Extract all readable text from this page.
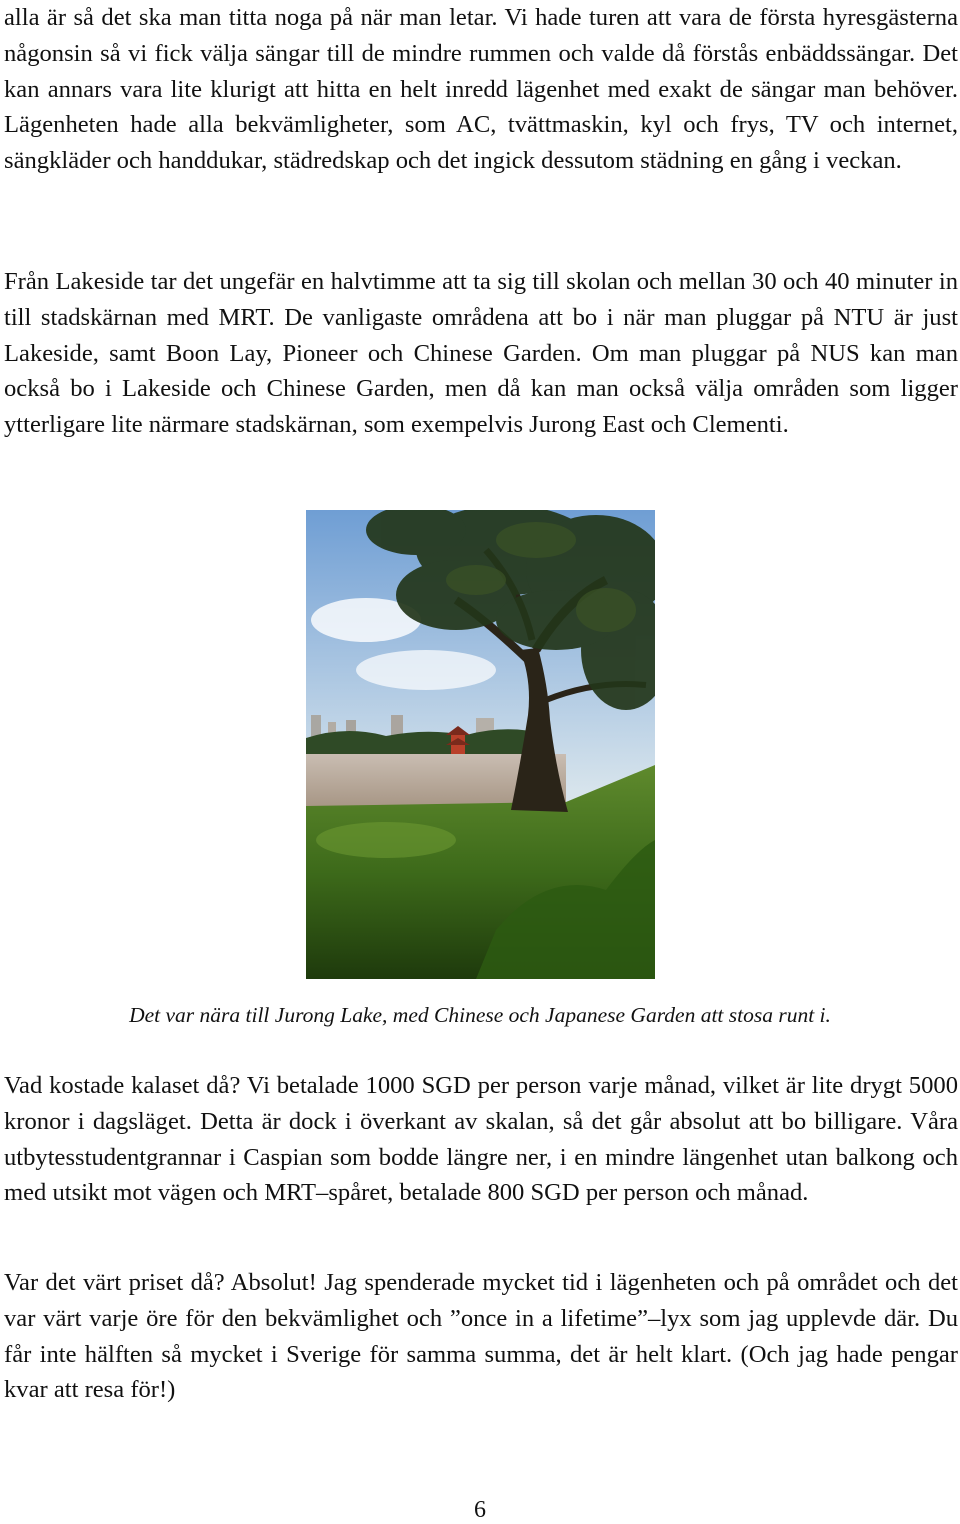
alla är så det ska man titta noga på när man letar. Vi hade turen att vara de första hyresgästerna någonsin så vi fick välja sängar till de mindre rummen och valde då förstås enbäddssängar. Det kan annars vara lite klurigt att hitta en helt inredd lägenhet med exakt de sängar man behöver. Lägenheten hade alla bekvämligheter, som AC, tvättmaskin, kyl och frys, TV och internet, sängkläder och handdukar, städredskap och det ingick dessutom städning en gång i veckan.

Från Lakeside tar det ungefär en halvtimme att ta sig till skolan och mellan 30 och 40 minuter in till stadskärnan med MRT. De vanligaste områdena att bo i när man pluggar på NTU är just Lakeside, samt Boon Lay, Pioneer och Chinese Garden. Om man pluggar på NUS kan man också bo i Lakeside och Chinese Garden, men då kan man också välja områden som ligger ytterligare lite närmare stadskärnan, som exempelvis Jurong East och Clementi.

Det var nära till Jurong Lake, med Chinese och Japanese Garden att stosa runt i.

Vad kostade kalaset då? Vi betalade 1000 SGD per person varje månad, vilket är lite drygt 5000 kronor i dagsläget. Detta är dock i överkant av skalan, så det går absolut att bo billigare. Våra utbytesstudentgrannar i Caspian som bodde längre ner, i en mindre längenhet utan balkong och med utsikt mot vägen och MRT–spåret, betalade 800 SGD per person och månad.

Var det värt priset då? Absolut! Jag spenderade mycket tid i lägenheten och på området och det var värt varje öre för den bekvämlighet och ”once in a lifetime”–lyx som jag upplevde där. Du får inte hälften så mycket i Sverige för samma summa, det är helt klart. (Och jag hade pengar kvar att resa för!)

6
